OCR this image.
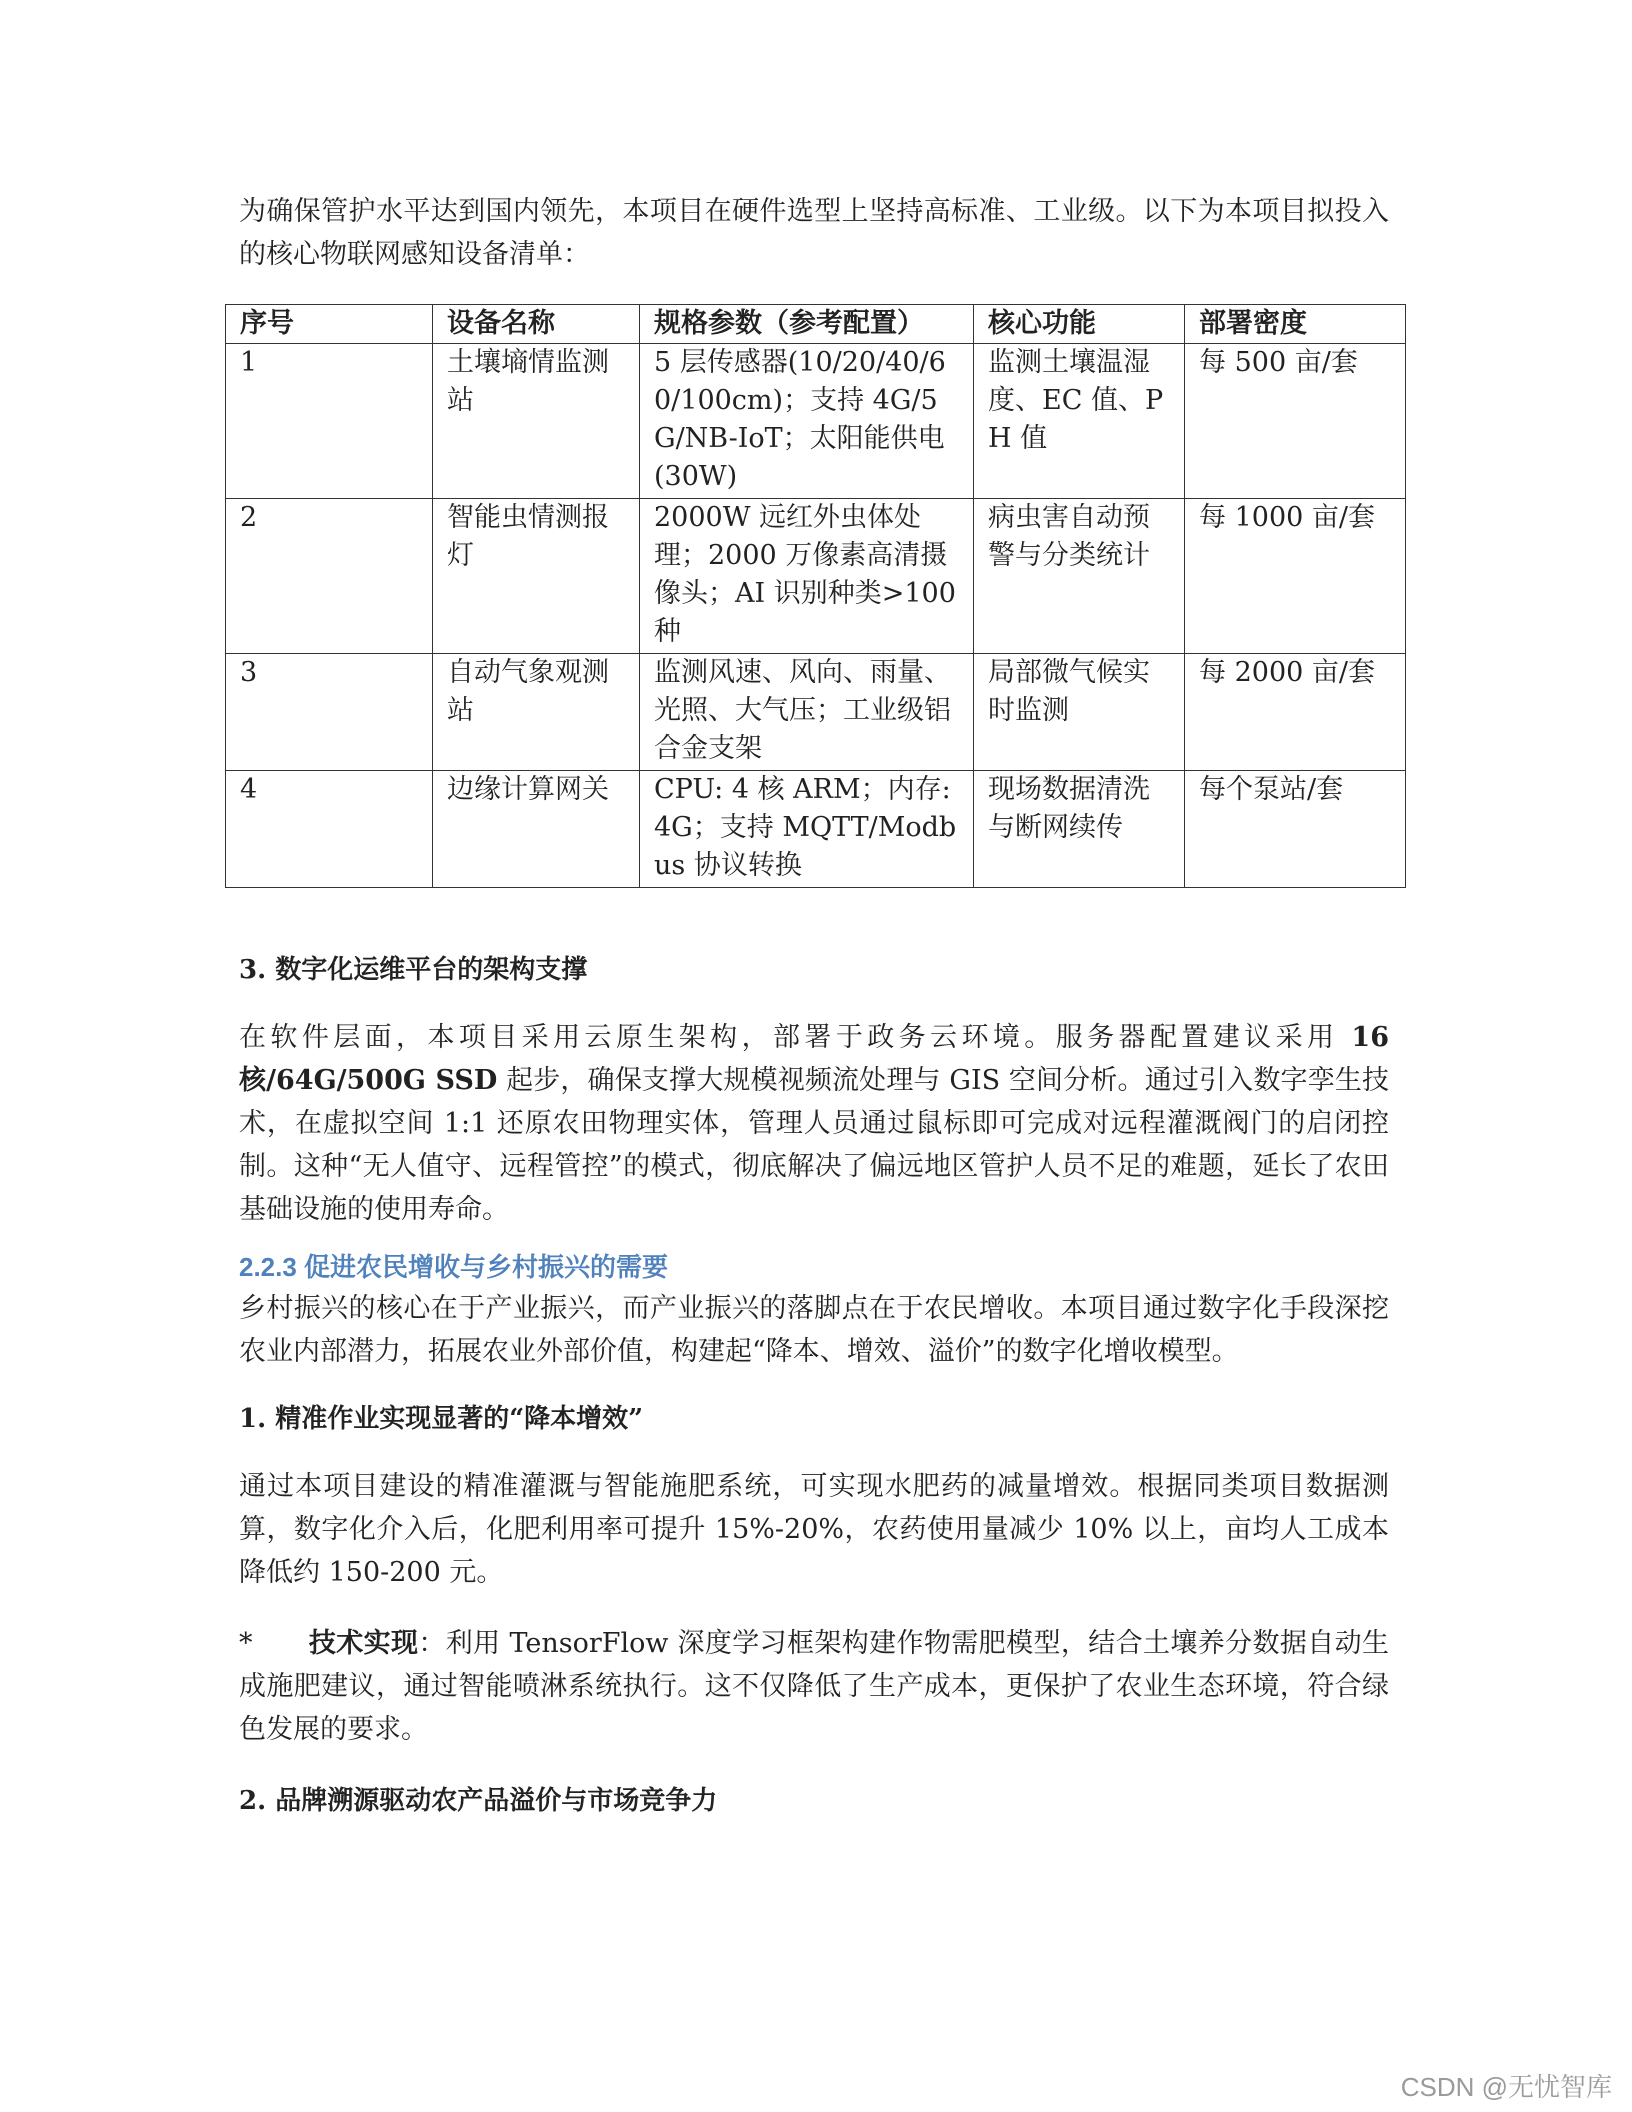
为确保管护水平达到国内领先，本项目在硬件选型上坚持高标准、工业级。以下为本项目拟投入的核心物联网感知设备清单：

序号	设备名称	规格参数（参考配置）	核心功能	部署密度
1	土壤墒情监测站	5 层传感器(10/20/40/60/100cm)；支持 4G/5G/NB-IoT；太阳能供电(30W)	监测土壤温湿度、EC 值、PH 值	每 500 亩/套
2	智能虫情测报灯	2000W 远红外虫体处理；2000 万像素高清摄像头；AI 识别种类>100 种	病虫害自动预警与分类统计	每 1000 亩/套
3	自动气象观测站	监测风速、风向、雨量、光照、大气压；工业级铝合金支架	局部微气候实时监测	每 2000 亩/套
4	边缘计算网关	CPU: 4 核 ARM；内存: 4G；支持 MQTT/Modbus 协议转换	现场数据清洗与断网续传	每个泵站/套
3. 数字化运维平台的架构支撑

在软件层面，本项目采用云原生架构，部署于政务云环境。服务器配置建议采用 16 核/64G/500G SSD 起步，确保支撑大规模视频流处理与 GIS 空间分析。通过引入数字孪生技术，在虚拟空间 1:1 还原农田物理实体，管理人员通过鼠标即可完成对远程灌溉阀门的启闭控制。这种“无人值守、远程管控”的模式，彻底解决了偏远地区管护人员不足的难题，延长了农田基础设施的使用寿命。

2.2.3 促进农民增收与乡村振兴的需要

乡村振兴的核心在于产业振兴，而产业振兴的落脚点在于农民增收。本项目通过数字化手段深挖农业内部潜力，拓展农业外部价值，构建起“降本、增效、溢价”的数字化增收模型。

1. 精准作业实现显著的“降本增效”

通过本项目建设的精准灌溉与智能施肥系统，可实现水肥药的减量增效。根据同类项目数据测算，数字化介入后，化肥利用率可提升 15%-20%，农药使用量减少 10% 以上，亩均人工成本降低约 150-200 元。

* 技术实现：利用 TensorFlow 深度学习框架构建作物需肥模型，结合土壤养分数据自动生成施肥建议，通过智能喷淋系统执行。这不仅降低了生产成本，更保护了农业生态环境，符合绿色发展的要求。

2. 品牌溯源驱动农产品溢价与市场竞争力
CSDN @无忧智库
